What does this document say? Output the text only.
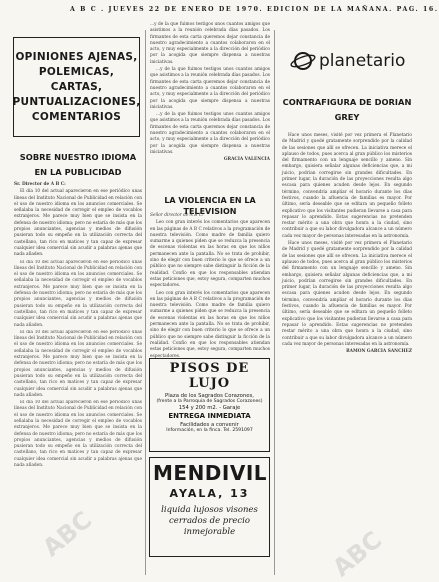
A B C . JUEVES 22 DE ENERO DE 1970. EDICION DE LA MAÑANA. PAG. 16.
OPINIONES AJENAS, POLEMICAS, CARTAS, PUNTUALIZACIONES, COMENTARIOS
SOBRE NUESTRO IDIOMA EN LA PUBLICIDAD

Sr. Director de A B C:

El día 10 del actual aparecieron en ese periódico unas líneas del Instituto Nacional de Publicidad en relación con el uso de nuestro idioma en los anuncios comerciales. Se señalaba la necesidad de corregir el empleo de vocablos extranjeros. Me parece muy bien que se insista en la defensa de nuestro idioma; pero no estaría de más que los propios anunciantes, agencias y medios de difusión pusieran todo su empeño en la utilización correcta del castellano, tan rico en matices y tan capaz de expresar cualquier idea comercial sin acudir a palabras ajenas que nada añaden.

El día 10 del actual aparecieron en ese periódico unas líneas del Instituto Nacional de Publicidad en relación con el uso de nuestro idioma en los anuncios comerciales. Se señalaba la necesidad de corregir el empleo de vocablos extranjeros. Me parece muy bien que se insista en la defensa de nuestro idioma; pero no estaría de más que los propios anunciantes, agencias y medios de difusión pusieran todo su empeño en la utilización correcta del castellano, tan rico en matices y tan capaz de expresar cualquier idea comercial sin acudir a palabras ajenas que nada añaden.

El día 10 del actual aparecieron en ese periódico unas líneas del Instituto Nacional de Publicidad en relación con el uso de nuestro idioma en los anuncios comerciales. Se señalaba la necesidad de corregir el empleo de vocablos extranjeros. Me parece muy bien que se insista en la defensa de nuestro idioma; pero no estaría de más que los propios anunciantes, agencias y medios de difusión pusieran todo su empeño en la utilización correcta del castellano, tan rico en matices y tan capaz de expresar cualquier idea comercial sin acudir a palabras ajenas que nada añaden.

El día 10 del actual aparecieron en ese periódico unas líneas del Instituto Nacional de Publicidad en relación con el uso de nuestro idioma en los anuncios comerciales. Se señalaba la necesidad de corregir el empleo de vocablos extranjeros. Me parece muy bien que se insista en la defensa de nuestro idioma; pero no estaría de más que los propios anunciantes, agencias y medios de difusión pusieran todo su empeño en la utilización correcta del castellano, tan rico en matices y tan capaz de expresar cualquier idea comercial sin acudir a palabras ajenas que nada añaden.

...y de la que fuimos testigos unos cuantos amigos que asistimos a la reunión celebrada días pasados. Los firmantes de esta carta queremos dejar constancia de nuestro agradecimiento a cuantos colaboraron en el acto, y muy especialmente a la dirección del periódico por la acogida que siempre dispensa a nuestras iniciativas.

...y de la que fuimos testigos unos cuantos amigos que asistimos a la reunión celebrada días pasados. Los firmantes de esta carta queremos dejar constancia de nuestro agradecimiento a cuantos colaboraron en el acto, y muy especialmente a la dirección del periódico por la acogida que siempre dispensa a nuestras iniciativas.

...y de la que fuimos testigos unos cuantos amigos que asistimos a la reunión celebrada días pasados. Los firmantes de esta carta queremos dejar constancia de nuestro agradecimiento a cuantos colaboraron en el acto, y muy especialmente a la dirección del periódico por la acogida que siempre dispensa a nuestras iniciativas.

GRACIA VALENCIA

LA VIOLENCIA EN LA TELEVISION

Señor director de A B C:

Leo con gran interés los comentarios que aparecen en las páginas de A B C relativos a la programación de nuestra televisión. Como madre de familia quiero sumarme a quienes piden que se reduzca la presencia de escenas violentas en las horas en que los niños permanecen ante la pantalla. No se trata de prohibir, sino de elegir con buen criterio lo que se ofrece a un público que no siempre sabe distinguir la ficción de la realidad. Confío en que los responsables atiendan estas peticiones que, estoy segura, comparten muchos espectadores.

Leo con gran interés los comentarios que aparecen en las páginas de A B C relativos a la programación de nuestra televisión. Como madre de familia quiero sumarme a quienes piden que se reduzca la presencia de escenas violentas en las horas en que los niños permanecen ante la pantalla. No se trata de prohibir, sino de elegir con buen criterio lo que se ofrece a un público que no siempre sabe distinguir la ficción de la realidad. Confío en que los responsables atiendan estas peticiones que, estoy segura, comparten muchos espectadores.

PISOS DE LUJO
Plaza de los Sagrados Corazones,
(frente a la Parroquia de Sagrados Corazones)
154 y 200 m2. - Garaje
ENTREGA INMEDIATA
Facilidades a convenir
Información, en la finca. Tel. 2591097
MENDIVIL
AYALA, 13
liquida lujosos visones cerrados de precio inmejorable
planetario
CONTRAFIGURA DE DORIAN GREY

Hace unos meses, visité por vez primera el Planetario de Madrid y quedé gratamente sorprendido por la calidad de las sesiones que allí se ofrecen. La iniciativa merece el aplauso de todos, pues acerca al gran público los misterios del firmamento con un lenguaje sencillo y ameno. Sin embargo, quisiera señalar algunas deficiencias que, a mi juicio, podrían corregirse sin grandes dificultades. En primer lugar, la duración de las proyecciones resulta algo escasa para quienes acuden desde lejos. En segundo término, convendría ampliar el horario durante los días festivos, cuando la afluencia de familias es mayor. Por último, sería deseable que se editara un pequeño folleto explicativo que los visitantes pudieran llevarse a casa para repasar lo aprendido. Estas sugerencias no pretenden restar mérito a una obra que honra a la ciudad, sino contribuir a que su labor divulgadora alcance a un número cada vez mayor de personas interesadas en la astronomía.

Hace unos meses, visité por vez primera el Planetario de Madrid y quedé gratamente sorprendido por la calidad de las sesiones que allí se ofrecen. La iniciativa merece el aplauso de todos, pues acerca al gran público los misterios del firmamento con un lenguaje sencillo y ameno. Sin embargo, quisiera señalar algunas deficiencias que, a mi juicio, podrían corregirse sin grandes dificultades. En primer lugar, la duración de las proyecciones resulta algo escasa para quienes acuden desde lejos. En segundo término, convendría ampliar el horario durante los días festivos, cuando la afluencia de familias es mayor. Por último, sería deseable que se editara un pequeño folleto explicativo que los visitantes pudieran llevarse a casa para repasar lo aprendido. Estas sugerencias no pretenden restar mérito a una obra que honra a la ciudad, sino contribuir a que su labor divulgadora alcance a un número cada vez mayor de personas interesadas en la astronomía.

RAMON GARCIA SANCHEZ

ABC	ABC
